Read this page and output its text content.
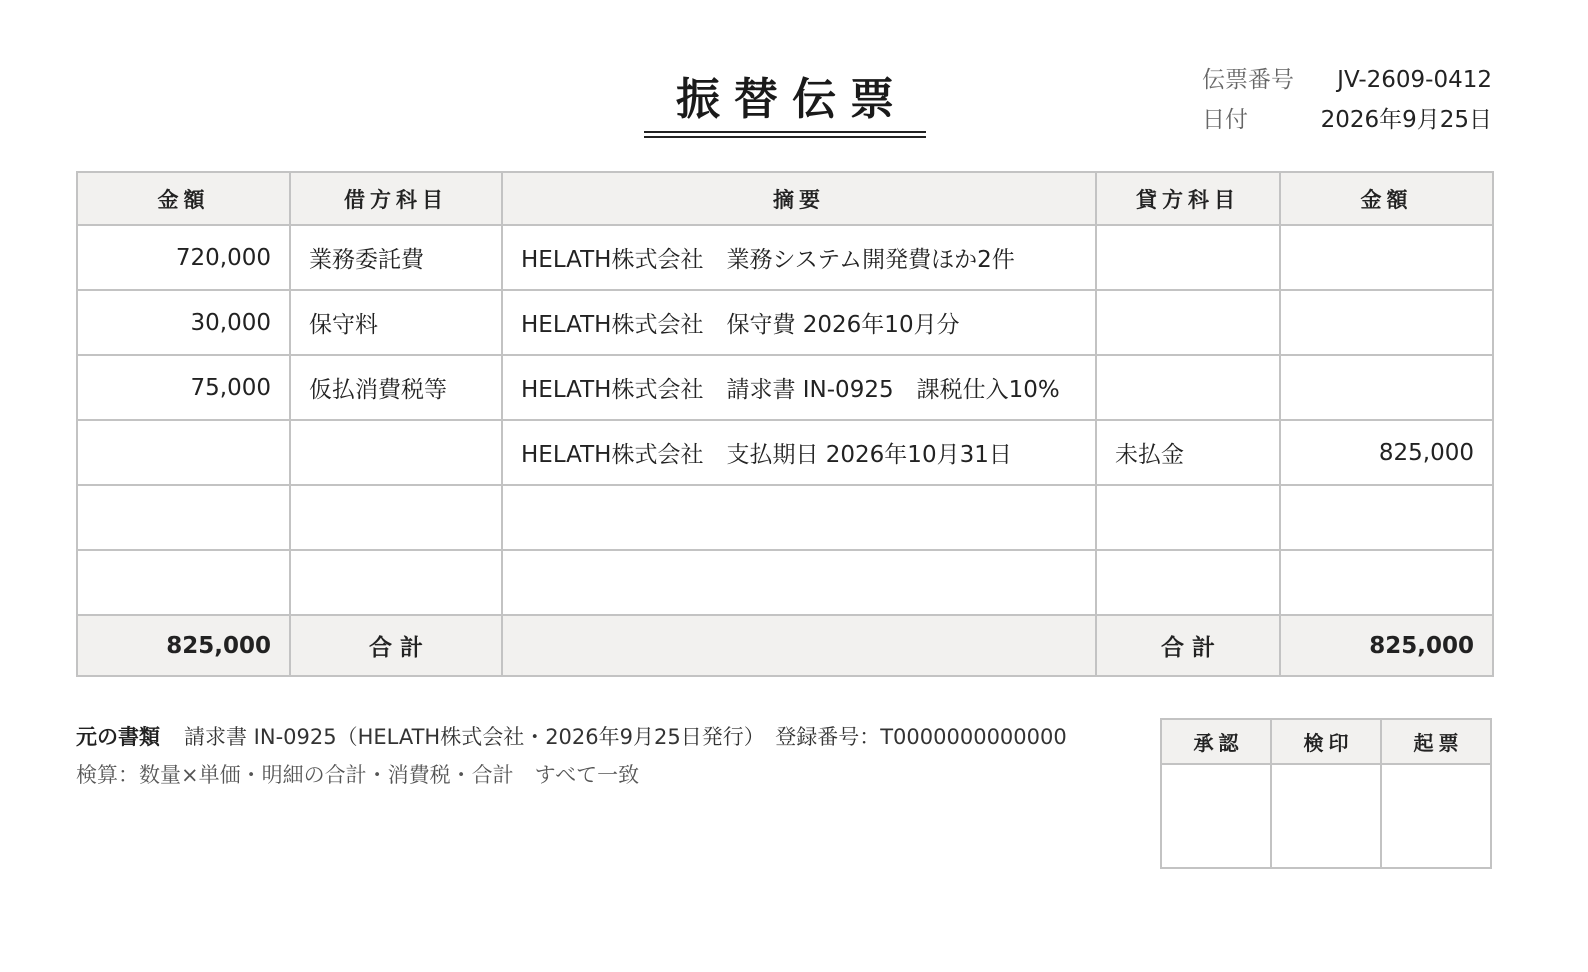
振替伝票	伝票番号 JV-2609-0412
日付	2026年9月25日
金額	借方科目	摘要	貸方科目	金額
720,000	業務委託費	HELATH株式会社　業務システム開発費ほか2件		
30,000	保守料	HELATH株式会社　保守費 2026年10月分		
75,000	仮払消費税等	HELATH株式会社　請求書 IN-0925　課税仕入10%		
		HELATH株式会社　支払期日 2026年10月31日	未払金	825,000

825,000	合計		合計	825,000
元の書類 請求書 IN-0925（HELATH株式会社・2026年9月25日発行）　登録番号：T0000000000000
検算：数量×単価・明細の合計・消費税・合計　すべて一致
承認	検印	起票
